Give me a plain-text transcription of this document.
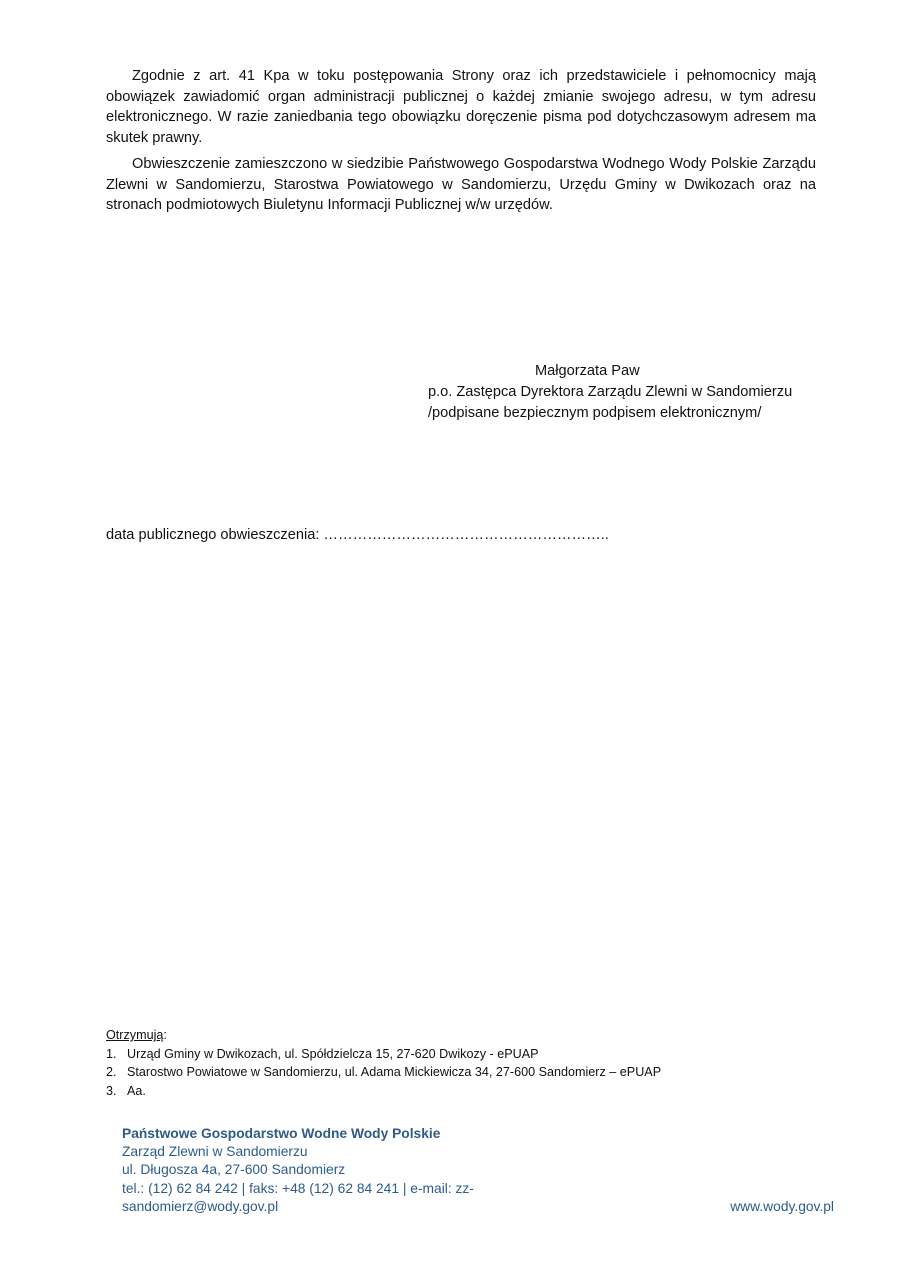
Zgodnie z art. 41 Kpa w toku postępowania Strony oraz ich przedstawiciele i pełnomocnicy mają obowiązek zawiadomić organ administracji publicznej o każdej zmianie swojego adresu, w tym adresu elektronicznego. W razie zaniedbania tego obowiązku doręczenie pisma pod dotychczasowym adresem ma skutek prawny.

Obwieszczenie zamieszczono w siedzibie Państwowego Gospodarstwa Wodnego Wody Polskie Zarządu Zlewni w Sandomierzu, Starostwa Powiatowego w Sandomierzu, Urzędu Gminy w Dwikozach oraz na stronach podmiotowych Biuletynu Informacji Publicznej w/w urzędów.

Małgorzata Paw
p.o. Zastępca Dyrektora Zarządu Zlewni w Sandomierzu
/podpisane bezpiecznym podpisem elektronicznym/
data publicznego obwieszczenia: …………………………………………………..
Otrzymują:
1. Urząd Gminy w Dwikozach, ul. Spółdzielcza 15, 27-620 Dwikozy - ePUAP
2. Starostwo Powiatowe w Sandomierzu, ul. Adama Mickiewicza 34, 27-600 Sandomierz – ePUAP
3. Aa.
Państwowe Gospodarstwo Wodne Wody Polskie
Zarząd Zlewni w Sandomierzu
ul. Długosza 4a, 27-600 Sandomierz
tel.: (12) 62 84 242 | faks: +48 (12) 62 84 241 | e-mail: zz-
sandomierz@wody.gov.pl	www.wody.gov.pl
